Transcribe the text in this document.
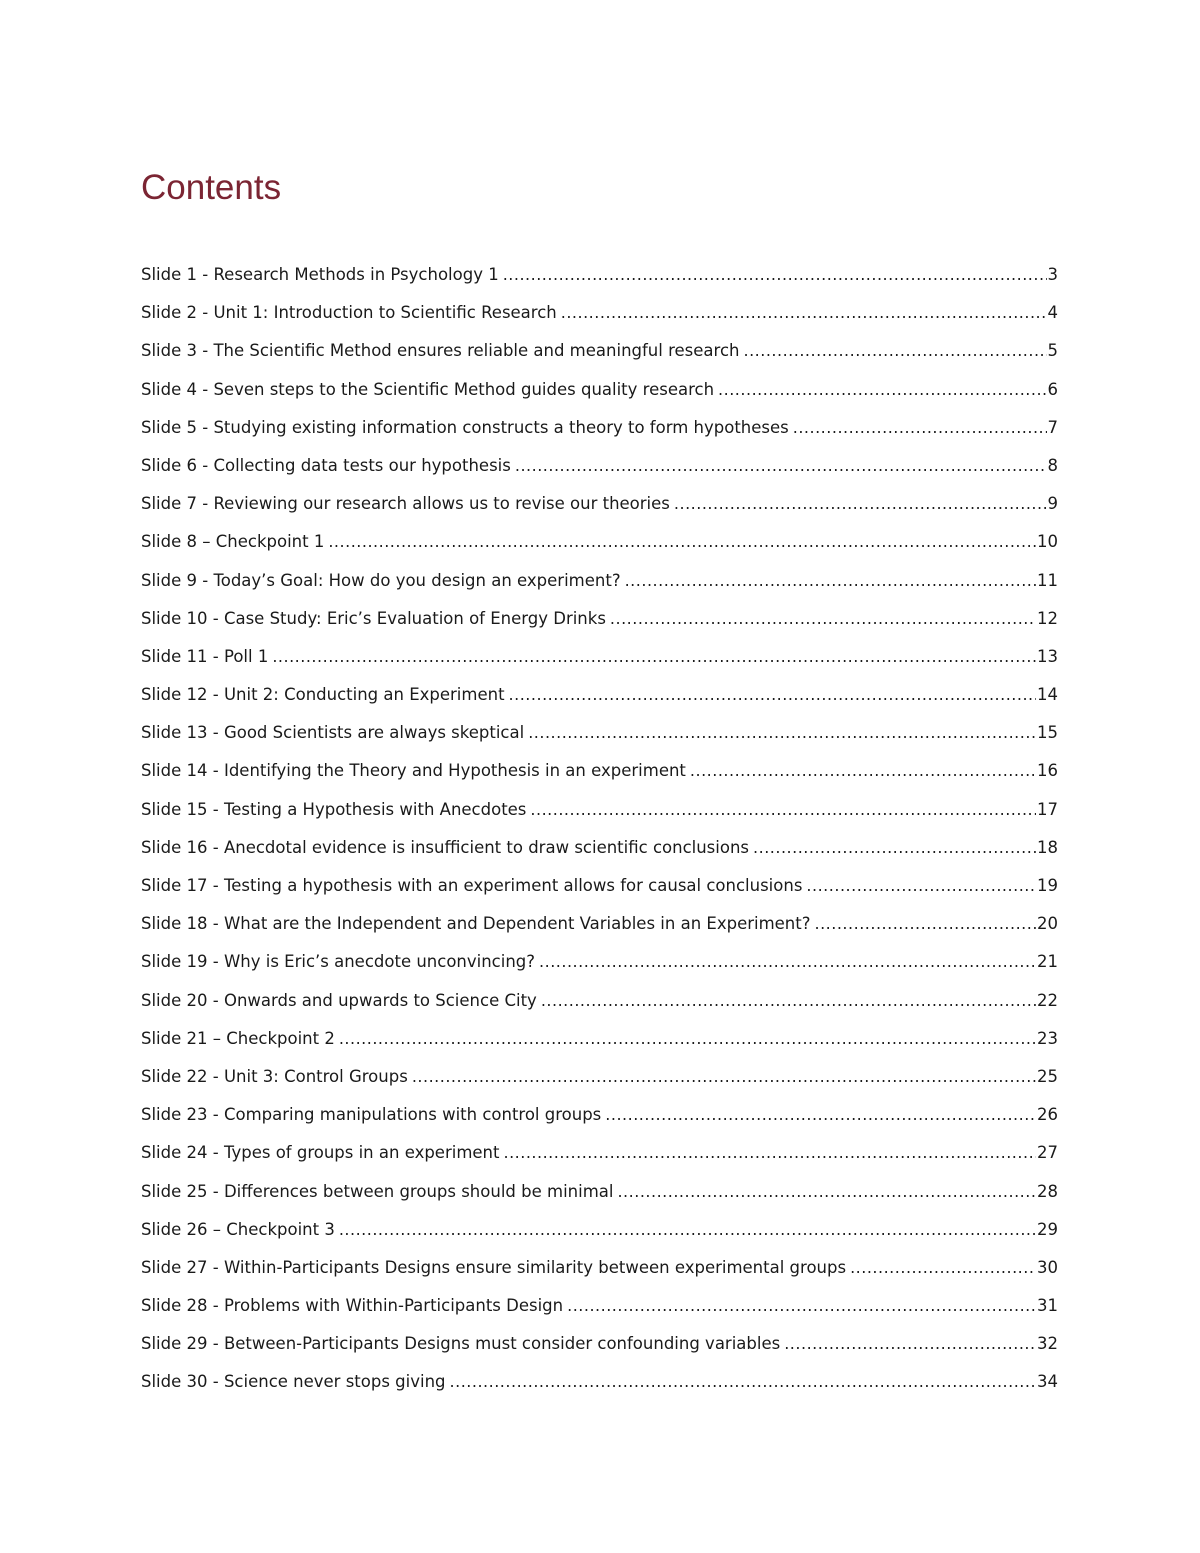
Contents
Slide 1 - Research Methods in Psychology 1 .....	3
Slide 2 - Unit 1: Introduction to Scientific Research .....	4
Slide 3 - The Scientific Method ensures reliable and meaningful research .....	5
Slide 4 - Seven steps to the Scientific Method guides quality research .....	6
Slide 5 - Studying existing information constructs a theory to form hypotheses .....	7
Slide 6 - Collecting data tests our hypothesis .....	8
Slide 7 - Reviewing our research allows us to revise our theories .....	9
Slide 8 – Checkpoint 1 .....	10
Slide 9 - Today’s Goal: How do you design an experiment? .....	11
Slide 10 - Case Study: Eric’s Evaluation of Energy Drinks .....	12
Slide 11 - Poll 1 .....	13
Slide 12 - Unit 2: Conducting an Experiment .....	14
Slide 13 - Good Scientists are always skeptical .....	15
Slide 14 - Identifying the Theory and Hypothesis in an experiment .....	16
Slide 15 - Testing a Hypothesis with Anecdotes .....	17
Slide 16 - Anecdotal evidence is insufficient to draw scientific conclusions .....	18
Slide 17 - Testing a hypothesis with an experiment allows for causal conclusions .....	19
Slide 18 - What are the Independent and Dependent Variables in an Experiment? .....	20
Slide 19 - Why is Eric’s anecdote unconvincing? .....	21
Slide 20 - Onwards and upwards to Science City .....	22
Slide 21 – Checkpoint 2 .....	23
Slide 22 - Unit 3: Control Groups .....	25
Slide 23 - Comparing manipulations with control groups .....	26
Slide 24 - Types of groups in an experiment .....	27
Slide 25 - Differences between groups should be minimal .....	28
Slide 26 – Checkpoint 3 .....	29
Slide 27 - Within-Participants Designs ensure similarity between experimental groups .....	30
Slide 28 - Problems with Within-Participants Design .....	31
Slide 29 - Between-Participants Designs must consider confounding variables .....	32
Slide 30 - Science never stops giving .....	34
